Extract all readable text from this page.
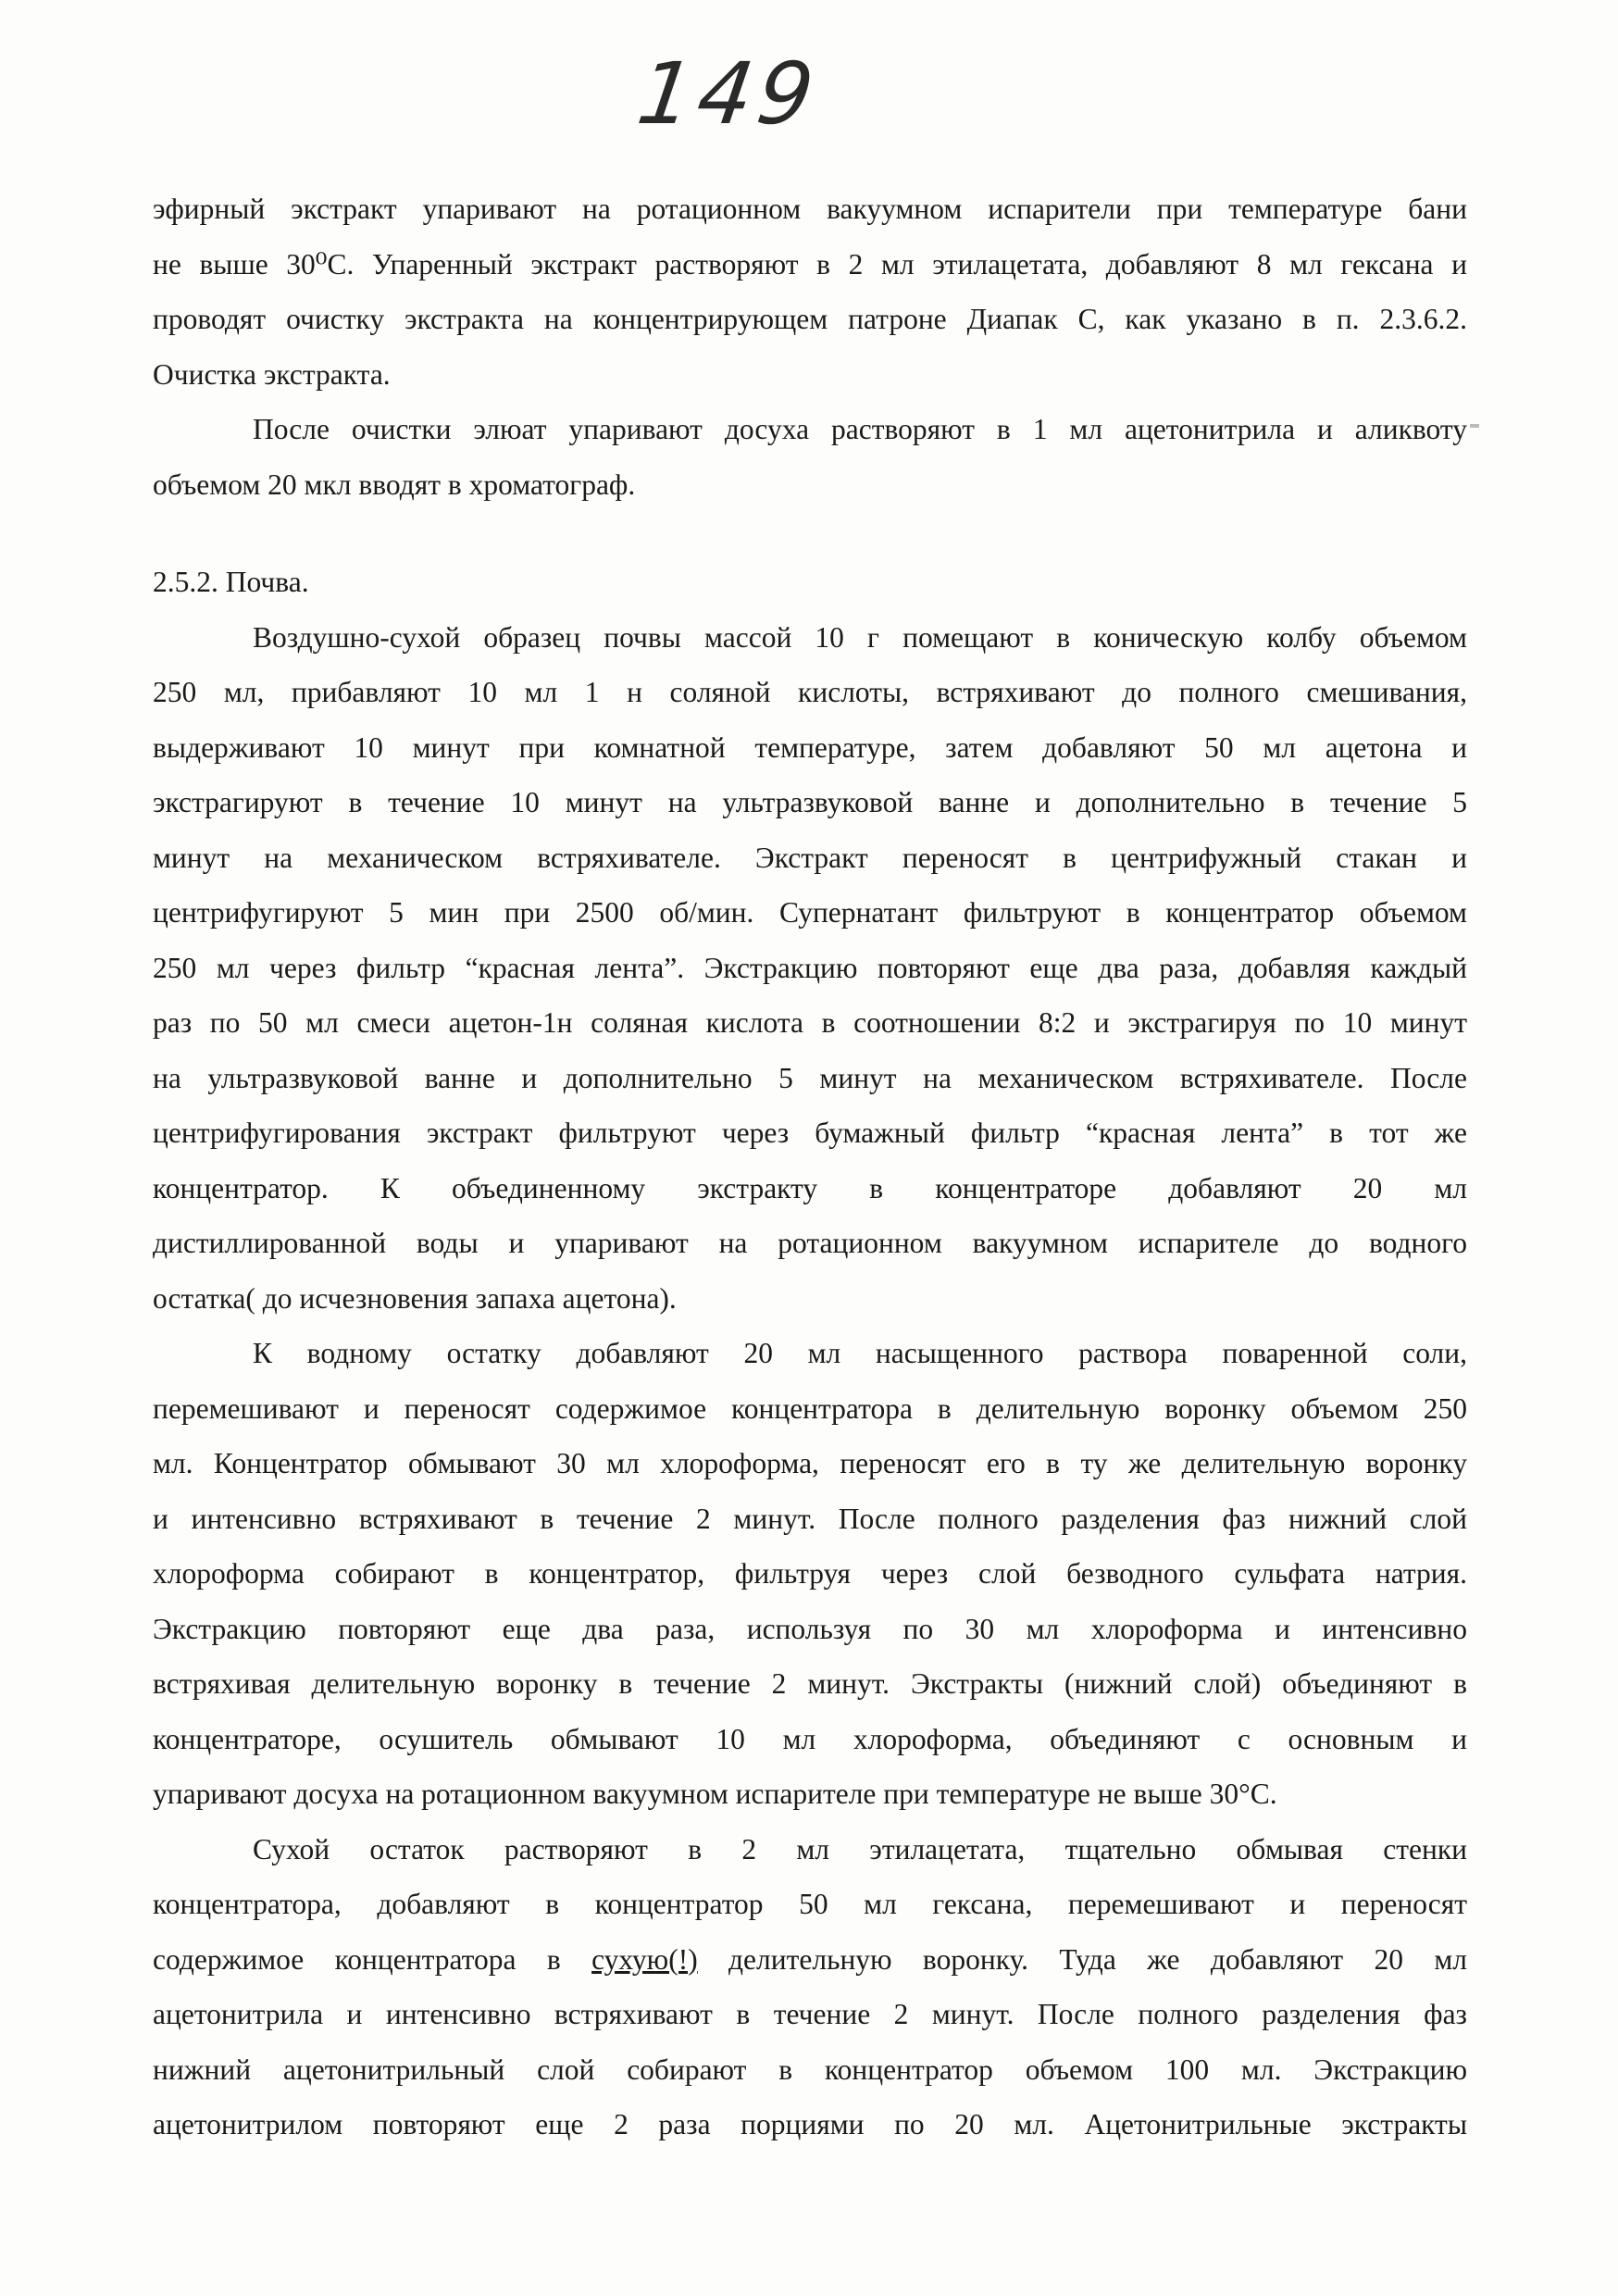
149
эфирный экстракт упаривают на ротационном вакуумном испарители при температуре бани
не выше 30⁰С. Упаренный экстракт растворяют в 2 мл этилацетата, добавляют 8 мл гексана и
проводят очистку экстракта на концентрирующем патроне Диапак С, как указано в п. 2.3.6.2.
Очистка экстракта.
После очистки элюат упаривают досуха растворяют в 1 мл ацетонитрила и аликвоту
объемом 20 мкл вводят в хроматограф.
2.5.2. Почва.
Воздушно-сухой образец почвы массой 10 г помещают в коническую колбу объемом
250 мл, прибавляют 10 мл 1 н соляной кислоты, встряхивают до полного смешивания,
выдерживают 10 минут при комнатной температуре, затем добавляют 50 мл ацетона и
экстрагируют в течение 10 минут на ультразвуковой ванне и дополнительно в течение 5
минут на механическом встряхивателе. Экстракт переносят в центрифужный стакан и
центрифугируют 5 мин при 2500 об/мин. Супернатант фильтруют в концентратор объемом
250 мл через фильтр “красная лента”. Экстракцию повторяют еще два раза, добавляя каждый
раз по 50 мл смеси ацетон-1н соляная кислота в соотношении 8:2 и экстрагируя по 10 минут
на ультразвуковой ванне и дополнительно 5 минут на механическом встряхивателе. После
центрифугирования экстракт фильтруют через бумажный фильтр “красная лента” в тот же
концентратор. К объединенному экстракту в концентраторе добавляют 20 мл
дистиллированной воды и упаривают на ротационном вакуумном испарителе до водного
остатка( до исчезновения запаха ацетона).
К водному остатку добавляют 20 мл насыщенного раствора поваренной соли,
перемешивают и переносят содержимое концентратора в делительную воронку объемом 250
мл. Концентратор обмывают 30 мл хлороформа, переносят его в ту же делительную воронку
и интенсивно встряхивают в течение 2 минут. После полного разделения фаз нижний слой
хлороформа собирают в концентратор, фильтруя через слой безводного сульфата натрия.
Экстракцию повторяют еще два раза, используя по 30 мл хлороформа и интенсивно
встряхивая делительную воронку в течение 2 минут. Экстракты (нижний слой) объединяют в
концентраторе, осушитель обмывают 10 мл хлороформа, объединяют с основным и
упаривают досуха на ротационном вакуумном испарителе при температуре не выше 30°С.
Сухой остаток растворяют в 2 мл этилацетата, тщательно обмывая стенки
концентратора, добавляют в концентратор 50 мл гексана, перемешивают и переносят
содержимое концентратора в сухую(!) делительную воронку. Туда же добавляют 20 мл
ацетонитрила и интенсивно встряхивают в течение 2 минут. После полного разделения фаз
нижний ацетонитрильный слой собирают в концентратор объемом 100 мл. Экстракцию
ацетонитрилом повторяют еще 2 раза порциями по 20 мл. Ацетонитрильные экстракты
